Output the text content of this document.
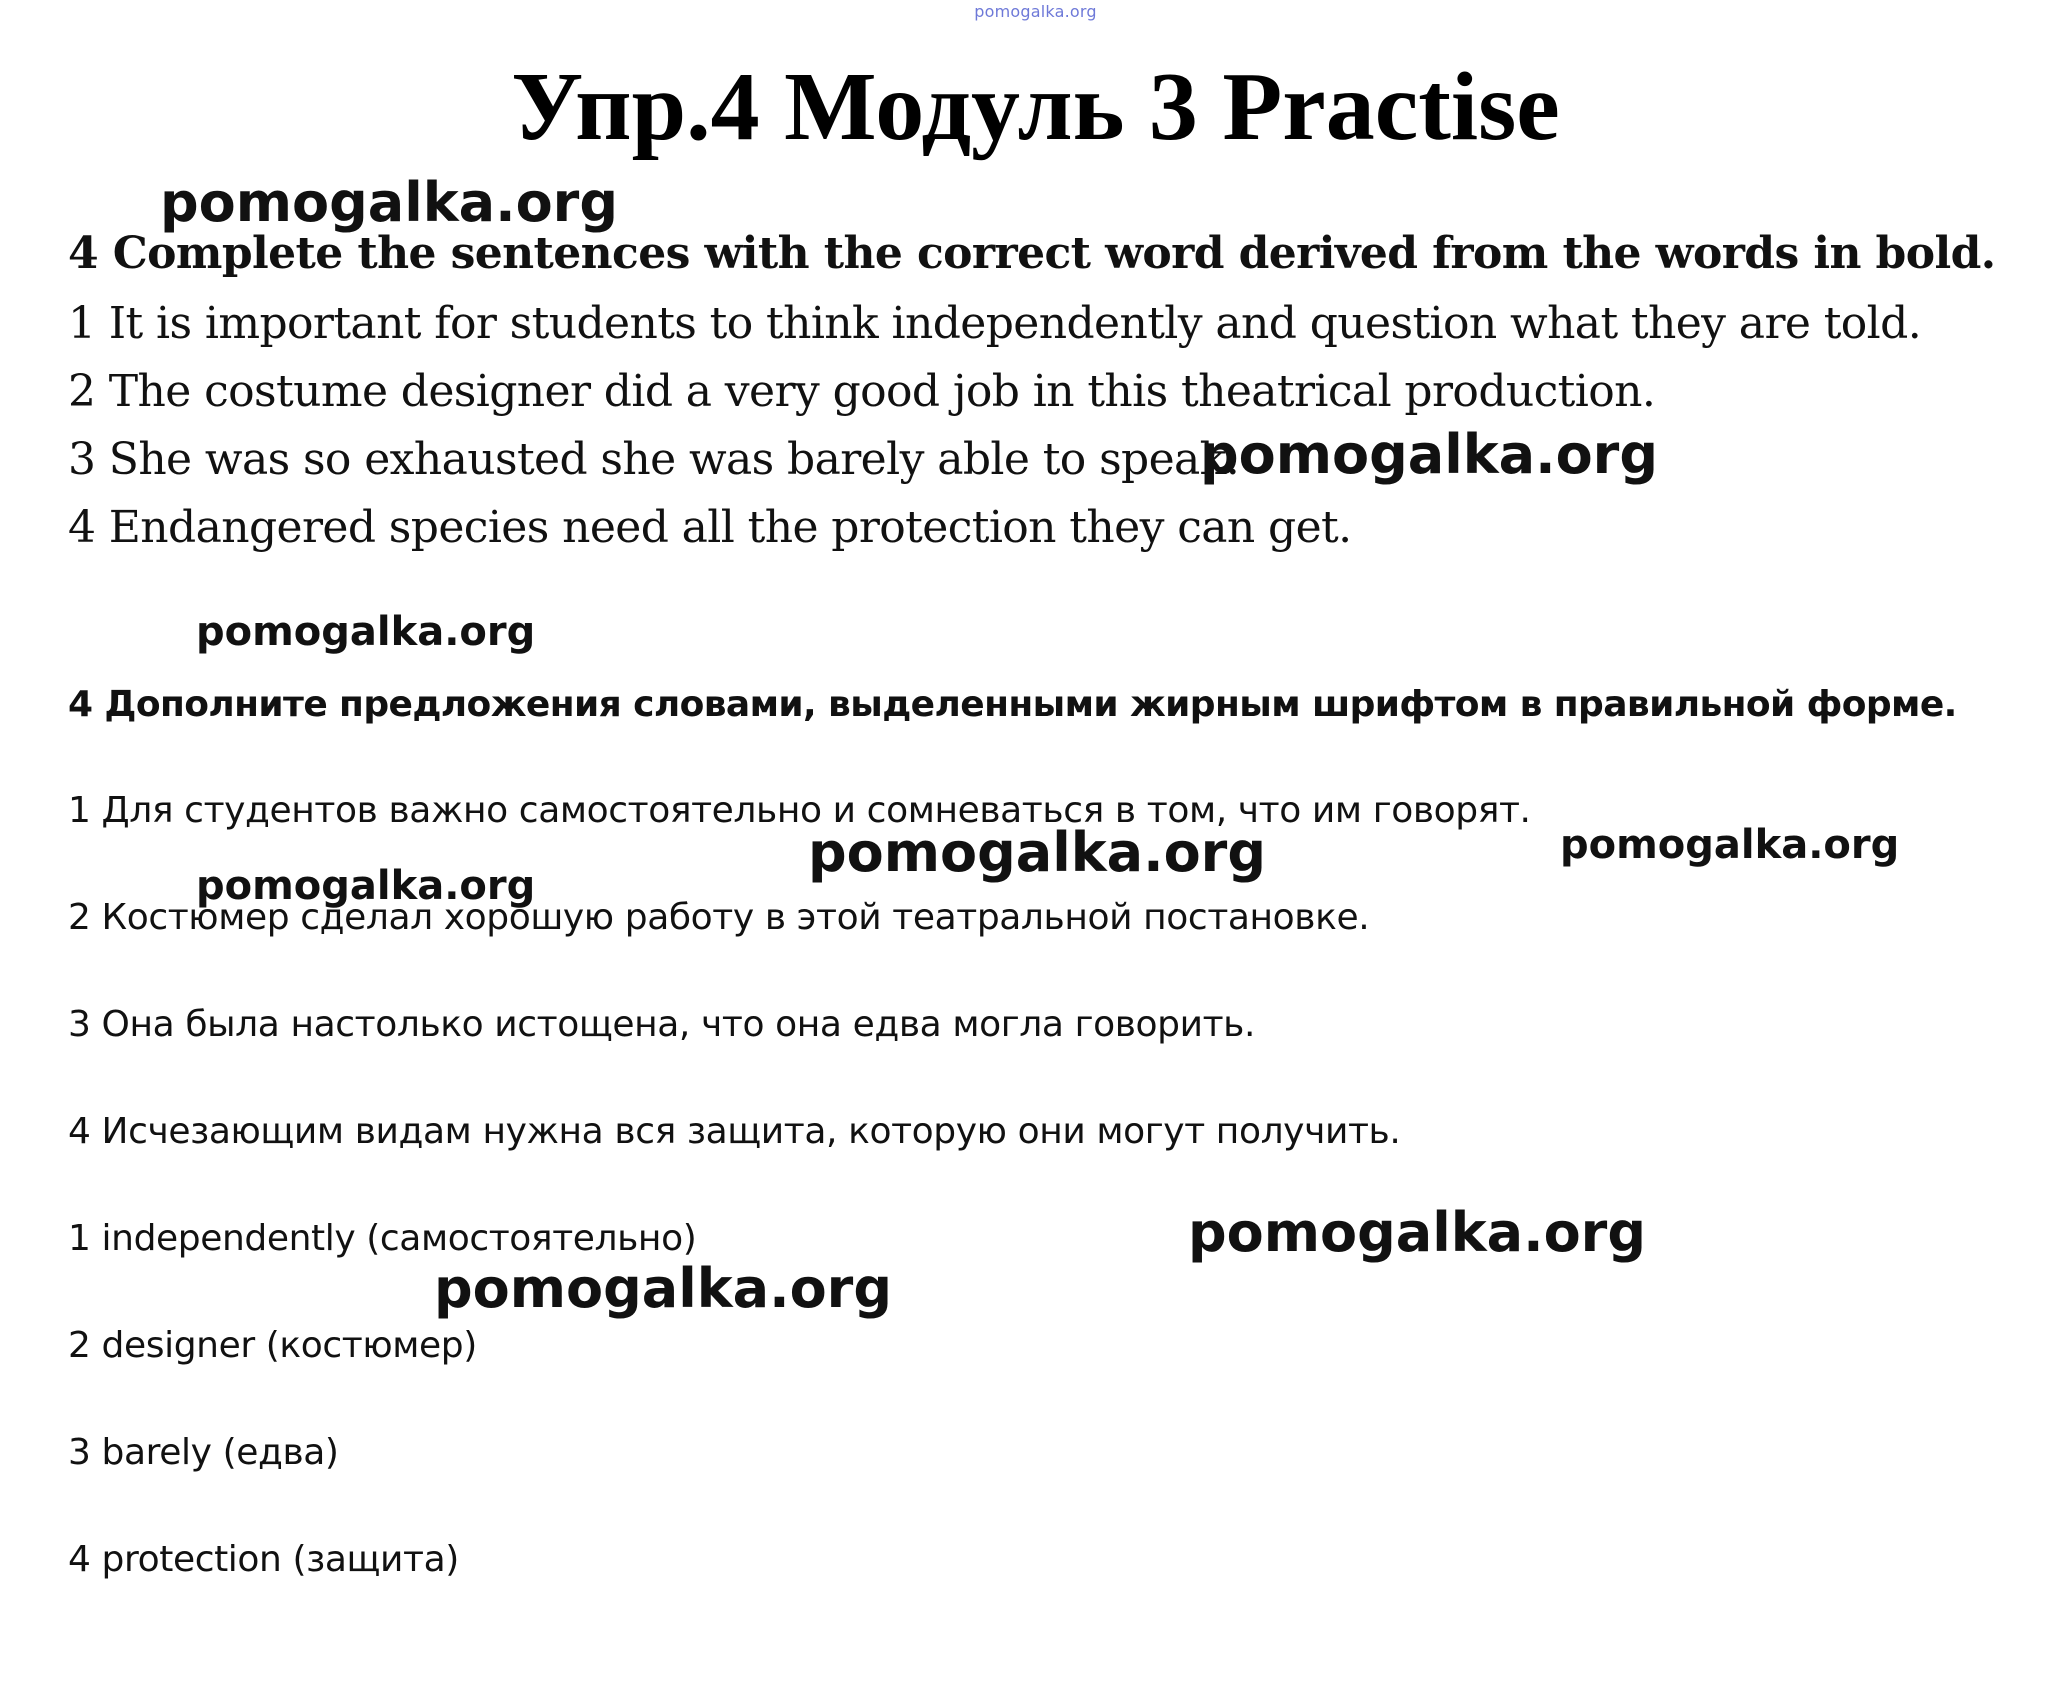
pomogalka.org
Упр.4 Модуль 3 Practise
4 Complete the sentences with the correct word derived from the words in bold.
1 It is important for students to think independently and question what they are told.
2 The costume designer did a very good job in this theatrical production.
3 She was so exhausted she was barely able to speak.
4 Endangered species need all the protection they can get.
4 Дополните предложения словами, выделенными жирным шрифтом в правильной форме.
1 Для студентов важно самостоятельно и сомневаться в том, что им говорят.
2 Костюмер сделал хорошую работу в этой театральной постановке.
3 Она была настолько истощена, что она едва могла говорить.
4 Исчезающим видам нужна вся защита, которую они могут получить.
1 independently (самостоятельно)
2 designer (костюмер)
3 barely (едва)
4 protection (защита)
pomogalka.org
pomogalka.org
pomogalka.org
pomogalka.org	pomogalka.org
pomogalka.org
pomogalka.org
pomogalka.org
